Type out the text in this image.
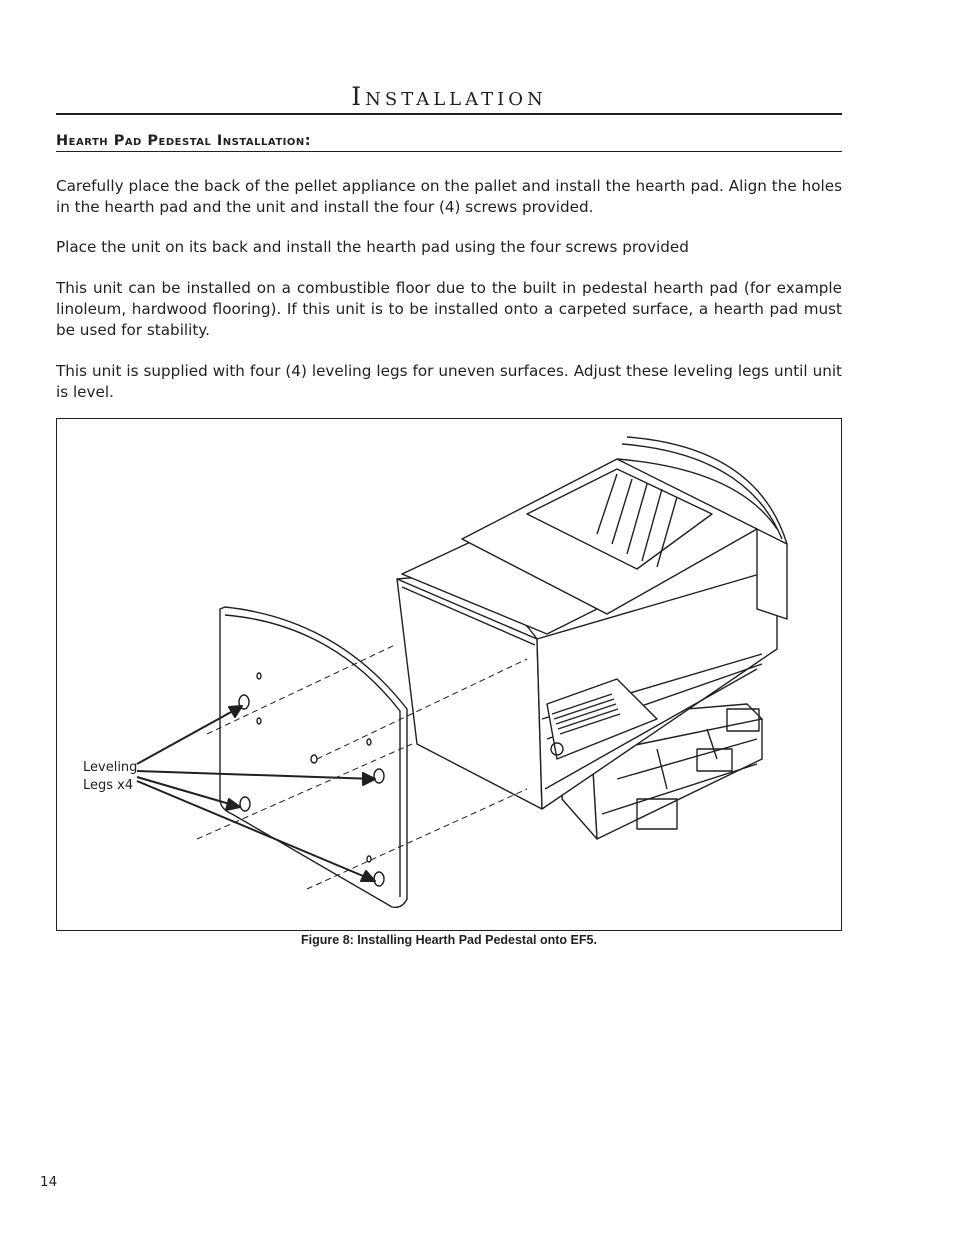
Installation
Hearth Pad Pedestal Installation:

Carefully place the back of the pellet appliance on the pallet and install the hearth pad. Align the holes in the hearth pad and the unit and install the four (4) screws provided.

Place the unit on its back and install the hearth pad using the four screws provided

This unit can be installed on a combustible floor due to the built in pedestal hearth pad (for example linoleum, hardwood flooring). If this unit is to be installed onto a carpeted surface, a hearth pad must be used for stability.

This unit is supplied with four (4) leveling legs for uneven surfaces. Adjust these leveling legs until unit is level.

Leveling
Legs x4

Figure 8: Installing Hearth Pad Pedestal onto EF5.

14
